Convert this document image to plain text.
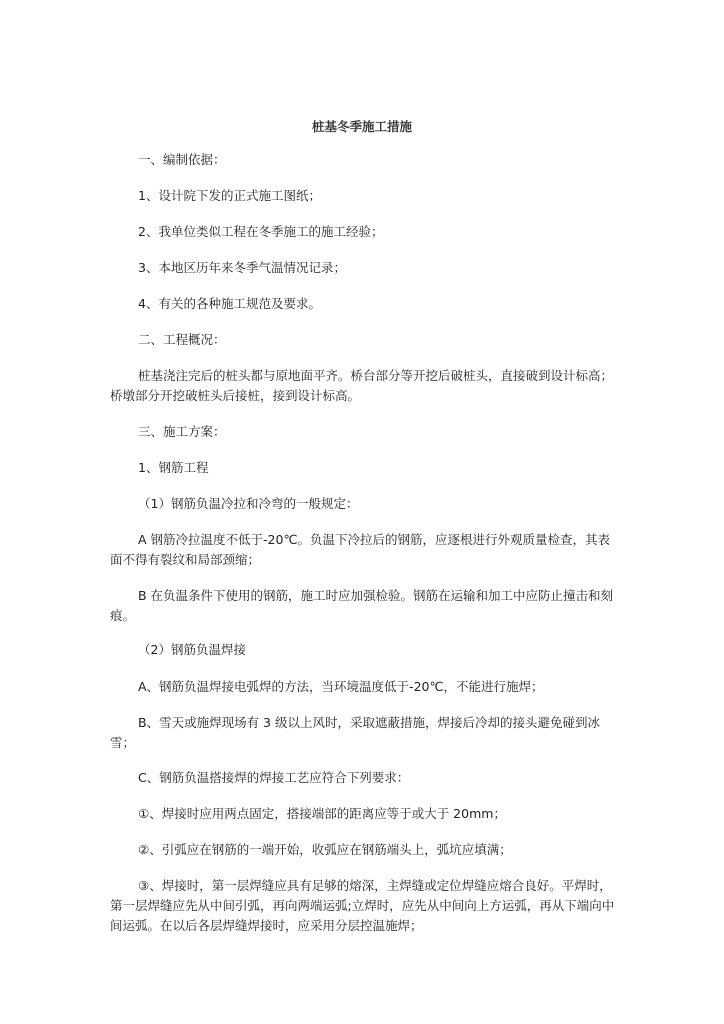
桩基冬季施工措施
一、编制依据：
1、设计院下发的正式施工图纸；
2、我单位类似工程在冬季施工的施工经验；
3、本地区历年来冬季气温情况记录；
4、有关的各种施工规范及要求。
二、工程概况：
桩基浇注完后的桩头都与原地面平齐。桥台部分等开挖后破桩头，直接破到设计标高；桥墩部分开挖破桩头后接桩，接到设计标高。
三、施工方案：
1、钢筋工程
（1）钢筋负温冷拉和冷弯的一般规定：
A 钢筋冷拉温度不低于-20℃。负温下冷拉后的钢筋，应逐根进行外观质量检查，其表面不得有裂纹和局部颈缩；
B 在负温条件下使用的钢筋，施工时应加强检验。钢筋在运输和加工中应防止撞击和刻痕。
（2）钢筋负温焊接
A、钢筋负温焊接电弧焊的方法，当环境温度低于-20℃，不能进行施焊；
B、雪天或施焊现场有 3 级以上风时，采取遮蔽措施，焊接后冷却的接头避免碰到冰雪；
C、钢筋负温搭接焊的焊接工艺应符合下列要求：
①、焊接时应用两点固定，搭接端部的距离应等于或大于 20mm；
②、引弧应在钢筋的一端开始，收弧应在钢筋端头上，弧坑应填满；
③、焊接时，第一层焊缝应具有足够的熔深，主焊缝或定位焊缝应熔合良好。平焊时，第一层焊缝应先从中间引弧，再向两端运弧;立焊时，应先从中间向上方运弧，再从下端向中间运弧。在以后各层焊缝焊接时，应采用分层控温施焊；
